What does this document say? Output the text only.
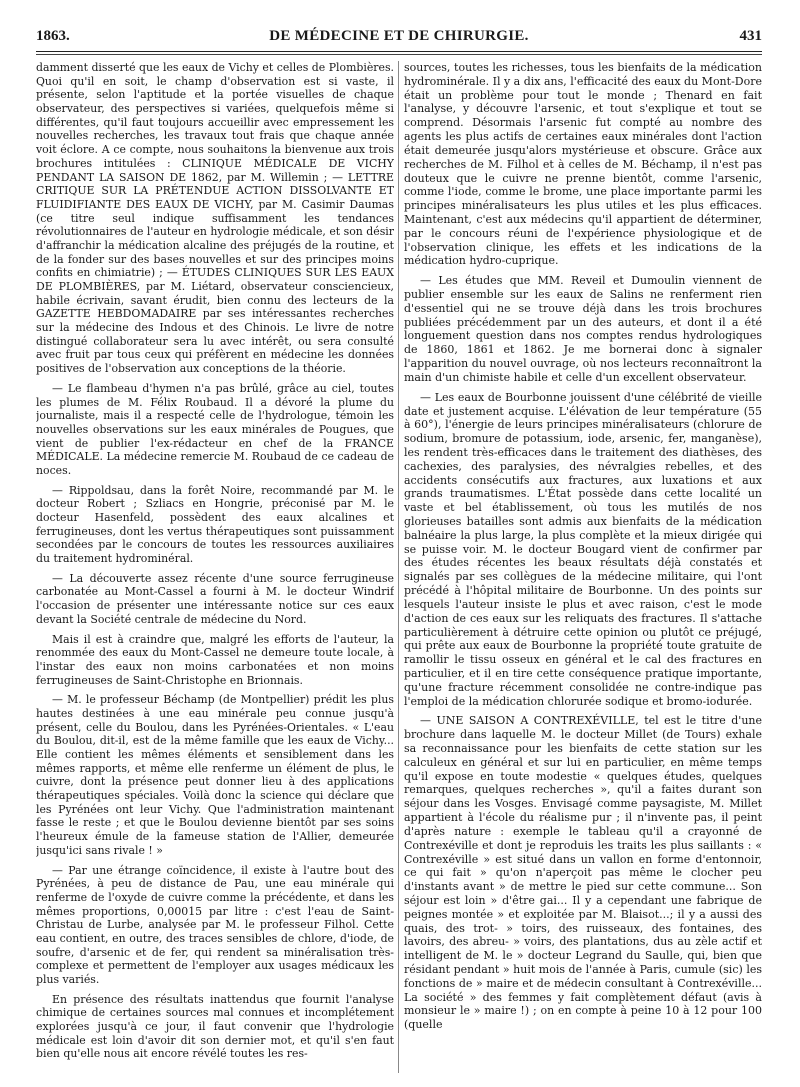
1863.	DE MÉDECINE ET DE CHIRURGIE.	431

damment disserté que les eaux de Vichy et celles de Plombières. Quoi qu'il en soit, le champ d'observation est si vaste, il présente, selon l'aptitude et la portée visuelles de chaque observateur, des perspectives si variées, quelquefois même si différentes, qu'il faut toujours accueillir avec empressement les nouvelles recherches, les travaux tout frais que chaque année voit éclore. A ce compte, nous souhaitons la bienvenue aux trois brochures intitulées : CLINIQUE MÉDICALE DE VICHY PENDANT LA SAISON DE 1862, par M. Willemin ; — LETTRE CRITIQUE SUR LA PRÉTENDUE ACTION DISSOLVANTE ET FLUIDIFIANTE DES EAUX DE VICHY, par M. Casimir Daumas (ce titre seul indique suffisamment les tendances révolutionnaires de l'auteur en hydrologie médicale, et son désir d'affranchir la médication alcaline des préjugés de la routine, et de la fonder sur des bases nouvelles et sur des principes moins confits en chimiatrie) ; — ÉTUDES CLINIQUES SUR LES EAUX DE PLOMBIÈRES, par M. Liétard, observateur consciencieux, habile écrivain, savant érudit, bien connu des lecteurs de la GAZETTE HEBDOMADAIRE par ses intéressantes recherches sur la médecine des Indous et des Chinois. Le livre de notre distingué collaborateur sera lu avec intérêt, ou sera consulté avec fruit par tous ceux qui préfèrent en médecine les données positives de l'observation aux conceptions de la théorie.

— Le flambeau d'hymen n'a pas brûlé, grâce au ciel, toutes les plumes de M. Félix Roubaud. Il a dévoré la plume du journaliste, mais il a respecté celle de l'hydrologue, témoin les nouvelles observations sur les eaux minérales de Pougues, que vient de publier l'ex-rédacteur en chef de la FRANCE MÉDICALE. La médecine remercie M. Roubaud de ce cadeau de noces.

— Rippoldsau, dans la forêt Noire, recommandé par M. le docteur Robert ; Szliacs en Hongrie, préconisé par M. le docteur Hasenfeld, possèdent des eaux alcalines et ferrugineuses, dont les vertus thérapeutiques sont puissamment secondées par le concours de toutes les ressources auxiliaires du traitement hydrominéral.

— La découverte assez récente d'une source ferrugineuse carbonatée au Mont-Cassel a fourni à M. le docteur Windrif l'occasion de présenter une intéressante notice sur ces eaux devant la Société centrale de médecine du Nord.

Mais il est à craindre que, malgré les efforts de l'auteur, la renommée des eaux du Mont-Cassel ne demeure toute locale, à l'instar des eaux non moins carbonatées et non moins ferrugineuses de Saint-Christophe en Brionnais.

— M. le professeur Béchamp (de Montpellier) prédit les plus hautes destinées à une eau minérale peu connue jusqu'à présent, celle du Boulou, dans les Pyrénées-Orientales. « L'eau du Boulou, dit-il, est de la même famille que les eaux de Vichy... Elle contient les mêmes éléments et sensiblement dans les mêmes rapports, et même elle renferme un élément de plus, le cuivre, dont la présence peut donner lieu à des applications thérapeutiques spéciales. Voilà donc la science qui déclare que les Pyrénées ont leur Vichy. Que l'administration maintenant fasse le reste ; et que le Boulou devienne bientôt par ses soins l'heureux émule de la fameuse station de l'Allier, demeurée jusqu'ici sans rivale ! »

— Par une étrange coïncidence, il existe à l'autre bout des Pyrénées, à peu de distance de Pau, une eau minérale qui renferme de l'oxyde de cuivre comme la précédente, et dans les mêmes proportions, 0,00015 par litre : c'est l'eau de Saint-Christau de Lurbe, analysée par M. le professeur Filhol. Cette eau contient, en outre, des traces sensibles de chlore, d'iode, de soufre, d'arsenic et de fer, qui rendent sa minéralisation très-complexe et permettent de l'employer aux usages médicaux les plus variés.

En présence des résultats inattendus que fournit l'analyse chimique de certaines sources mal connues et incomplétement explorées jusqu'à ce jour, il faut convenir que l'hydrologie médicale est loin d'avoir dit son dernier mot, et qu'il s'en faut bien qu'elle nous ait encore révélé toutes les res-

sources, toutes les richesses, tous les bienfaits de la médication hydrominérale. Il y a dix ans, l'efficacité des eaux du Mont-Dore était un problème pour tout le monde ; Thenard en fait l'analyse, y découvre l'arsenic, et tout s'explique et tout se comprend. Désormais l'arsenic fut compté au nombre des agents les plus actifs de certaines eaux minérales dont l'action était demeurée jusqu'alors mystérieuse et obscure. Grâce aux recherches de M. Filhol et à celles de M. Béchamp, il n'est pas douteux que le cuivre ne prenne bientôt, comme l'arsenic, comme l'iode, comme le brome, une place importante parmi les principes minéralisateurs les plus utiles et les plus efficaces. Maintenant, c'est aux médecins qu'il appartient de déterminer, par le concours réuni de l'expérience physiologique et de l'observation clinique, les effets et les indications de la médication hydro-cuprique.

— Les études que MM. Reveil et Dumoulin viennent de publier ensemble sur les eaux de Salins ne renferment rien d'essentiel qui ne se trouve déjà dans les trois brochures publiées précédemment par un des auteurs, et dont il a été longuement question dans nos comptes rendus hydrologiques de 1860, 1861 et 1862. Je me bornerai donc à signaler l'apparition du nouvel ouvrage, où nos lecteurs reconnaîtront la main d'un chimiste habile et celle d'un excellent observateur.

— Les eaux de Bourbonne jouissent d'une célébrité de vieille date et justement acquise. L'élévation de leur température (55 à 60°), l'énergie de leurs principes minéralisateurs (chlorure de sodium, bromure de potassium, iode, arsenic, fer, manganèse), les rendent très-efficaces dans le traitement des diathèses, des cachexies, des paralysies, des névralgies rebelles, et des accidents consécutifs aux fractures, aux luxations et aux grands traumatismes. L'État possède dans cette localité un vaste et bel établissement, où tous les mutilés de nos glorieuses batailles sont admis aux bienfaits de la médication balnéaire la plus large, la plus complète et la mieux dirigée qui se puisse voir. M. le docteur Bougard vient de confirmer par des études récentes les beaux résultats déjà constatés et signalés par ses collègues de la médecine militaire, qui l'ont précédé à l'hôpital militaire de Bourbonne. Un des points sur lesquels l'auteur insiste le plus et avec raison, c'est le mode d'action de ces eaux sur les reliquats des fractures. Il s'attache particulièrement à détruire cette opinion ou plutôt ce préjugé, qui prête aux eaux de Bourbonne la propriété toute gratuite de ramollir le tissu osseux en général et le cal des fractures en particulier, et il en tire cette conséquence pratique importante, qu'une fracture récemment consolidée ne contre-indique pas l'emploi de la médication chlorurée sodique et bromo-iodurée.

— UNE SAISON A CONTREXÉVILLE, tel est le titre d'une brochure dans laquelle M. le docteur Millet (de Tours) exhale sa reconnaissance pour les bienfaits de cette station sur les calculeux en général et sur lui en particulier, en même temps qu'il expose en toute modestie « quelques études, quelques remarques, quelques recherches », qu'il a faites durant son séjour dans les Vosges. Envisagé comme paysagiste, M. Millet appartient à l'école du réalisme pur ; il n'invente pas, il peint d'après nature : exemple le tableau qu'il a crayonné de Contrexéville et dont je reproduis les traits les plus saillants : « Contrexéville » est situé dans un vallon en forme d'entonnoir, ce qui fait » qu'on n'aperçoit pas même le clocher peu d'instants avant » de mettre le pied sur cette commune... Son séjour est loin » d'être gai... Il y a cependant une fabrique de peignes montée » et exploitée par M. Blaisot...; il y a aussi des quais, des trot- » toirs, des ruisseaux, des fontaines, des lavoirs, des abreu- » voirs, des plantations, dus au zèle actif et intelligent de M. le » docteur Legrand du Saulle, qui, bien que résidant pendant » huit mois de l'année à Paris, cumule (sic) les fonctions de » maire et de médecin consultant à Contrexéville... La société » des femmes y fait complètement défaut (avis à monsieur le » maire !) ; on en compte à peine 10 à 12 pour 100 (quelle
